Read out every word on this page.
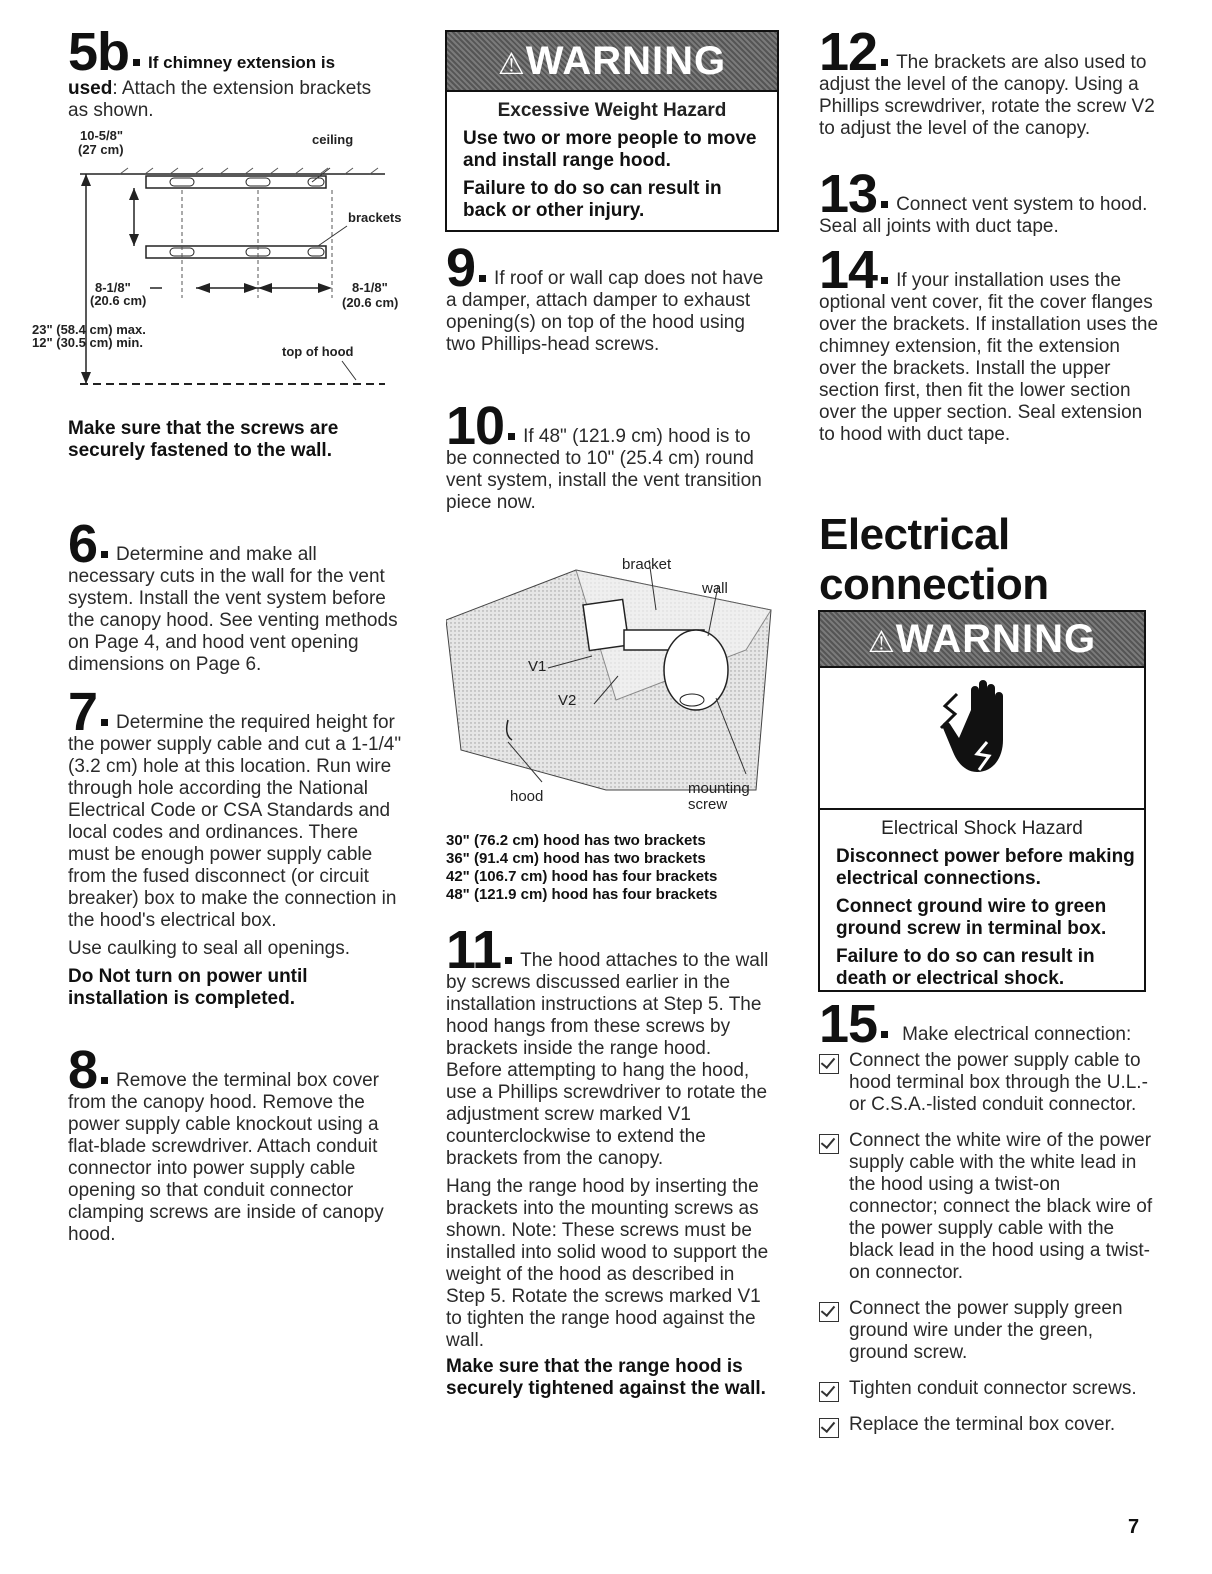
5b If chimney extension is
used: Attach the extension brackets as shown.
10-5/8"
(27 cm)
ceiling
brackets
8-1/8"
(20.6 cm)
8-1/8"
(20.6 cm)
23" (58.4 cm) max.
12" (30.5 cm) min.
top of hood
Make sure that the screws are securely fastened to the wall.
6 Determine and make all necessary cuts in the wall for the vent system. Install the vent system before the canopy hood. See venting methods on Page 4, and hood vent opening dimensions on Page 6.
7 Determine the required height for the power supply cable and cut a 1-1/4" (3.2 cm) hole at this location. Run wire through hole according the National Electrical Code or CSA Standards and local codes and ordinances. There must be enough power supply cable from the fused disconnect (or circuit breaker) box to make the connection in the hood's electrical box.
Use caulking to seal all openings.
Do Not turn on power until installation is completed.
8 Remove the terminal box cover from the canopy hood. Remove the power supply cable knockout using a flat-blade screwdriver. Attach conduit connector into power supply cable opening so that conduit connector clamping screws are inside of canopy hood.
⚠WARNING
Excessive Weight Hazard
Use two or more people to move and install range hood.
Failure to do so can result in back or other injury.
9 If roof or wall cap does not have a damper, attach damper to exhaust opening(s) on top of the hood using two Phillips-head screws.
10 If 48" (121.9 cm) hood is to be connected to 10" (25.4 cm) round vent system, install the vent transition piece now.
bracket
wall
V1
V2
hood	mounting
screw
30" (76.2 cm) hood has two brackets
36" (91.4 cm) hood has two brackets
42" (106.7 cm) hood has four brackets
48" (121.9 cm) hood has four brackets
11 The hood attaches to the wall by screws discussed earlier in the installation instructions at Step 5. The hood hangs from these screws by brackets inside the range hood. Before attempting to hang the hood, use a Phillips screwdriver to rotate the adjustment screw marked V1 counterclockwise to extend the brackets from the canopy.
Hang the range hood by inserting the brackets into the mounting screws as shown. Note: These screws must be installed into solid wood to support the weight of the hood as described in Step 5. Rotate the screws marked V1 to tighten the range hood against the wall.
Make sure that the range hood is securely tightened against the wall.
12 The brackets are also used to adjust the level of the canopy. Using a Phillips screwdriver, rotate the screw V2 to adjust the level of the canopy.
13 Connect vent system to hood. Seal all joints with duct tape.
14 If your installation uses the optional vent cover, fit the cover flanges over the brackets. If installation uses the chimney extension, fit the extension over the brackets. Install the upper section first, then fit the lower section over the upper section. Seal extension to hood with duct tape.
Electrical
connection
⚠WARNING
Electrical Shock Hazard
Disconnect power before making electrical connections.
Connect ground wire to green ground screw in terminal box.
Failure to do so can result in death or electrical shock.
15 Make electrical connection:
Connect the power supply cable to hood terminal box through the U.L.- or C.S.A.-listed conduit connector.
Connect the white wire of the power supply cable with the white lead in the hood using a twist-on connector; connect the black wire of the power supply cable with the black lead in the hood using a twist-on connector.
Connect the power supply green ground wire under the green, ground screw.
Tighten conduit connector screws.
Replace the terminal box cover.
7
